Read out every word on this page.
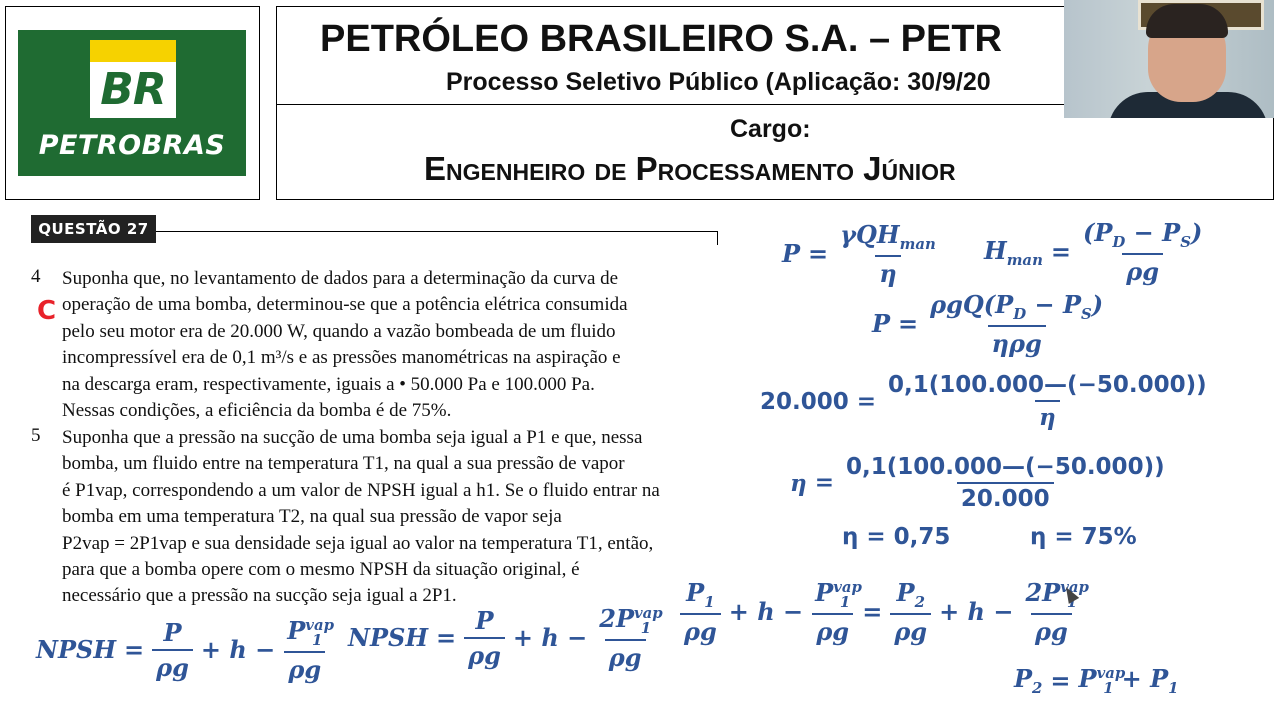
BR
PETROBRAS
PETRÓLEO BRASILEIRO S.A. – PETR
Processo Seletivo Público (Aplicação: 30/9/20
Cargo:
Engenheiro de Processamento Júnior
QUESTÃO 27
C
4 Suponha que, no levantamento de dados para a determinação da curva de
operação de uma bomba, determinou-se que a potência elétrica consumida
pelo seu motor era de 20.000 W, quando a vazão bombeada de um fluido
incompressível era de 0,1 m³/s e as pressões manométricas na aspiração e
na descarga eram, respectivamente, iguais a • 50.000 Pa e 100.000 Pa.
Nessas condições, a eficiência da bomba é de 75%.
5 Suponha que a pressão na sucção de uma bomba seja igual a P1 e que, nessa
bomba, um fluido entre na temperatura T1, na qual a sua pressão de vapor
é P1vap, correspondendo a um valor de NPSH igual a h1. Se o fluido entrar na
bomba em uma temperatura T2, na qual sua pressão de vapor seja
P2vap = 2P1vap e sua densidade seja igual ao valor na temperatura T1, então,
para que a bomba opere com o mesmo NPSH da situação original, é
necessário que a pressão na sucção seja igual a 2P1.
$P = \frac{\gamma QH_{man}}{\eta} H_{man} = \frac{(P_D - P_S)}{\rho g}$
$P = \frac{\rho gQ(P_D - P_S)}{\text{ηρg}}$
$20.000 = \frac{0,1(100.000—(-50.000))}{\eta}$
$\eta = \frac{0,1(100.000—(-50.000))}{20.000}$
η = 0,75	η = 75%
NPSH = $\frac{P}{\rho g} + h - \frac{P^{vap}_1}{\rho g}$ NPSH = $\frac{P}{\rho g} + h - \frac{2P^{vap}_1}{\rho g} \frac{P_1}{\rho g} + h - \frac{P^{vap}_1}{\rho g} = \frac{P_2}{\rho g} + h - \frac{2P^{vap}_1}{\rho g}$
$P_2 = P^{vap}_1 + P_1$
